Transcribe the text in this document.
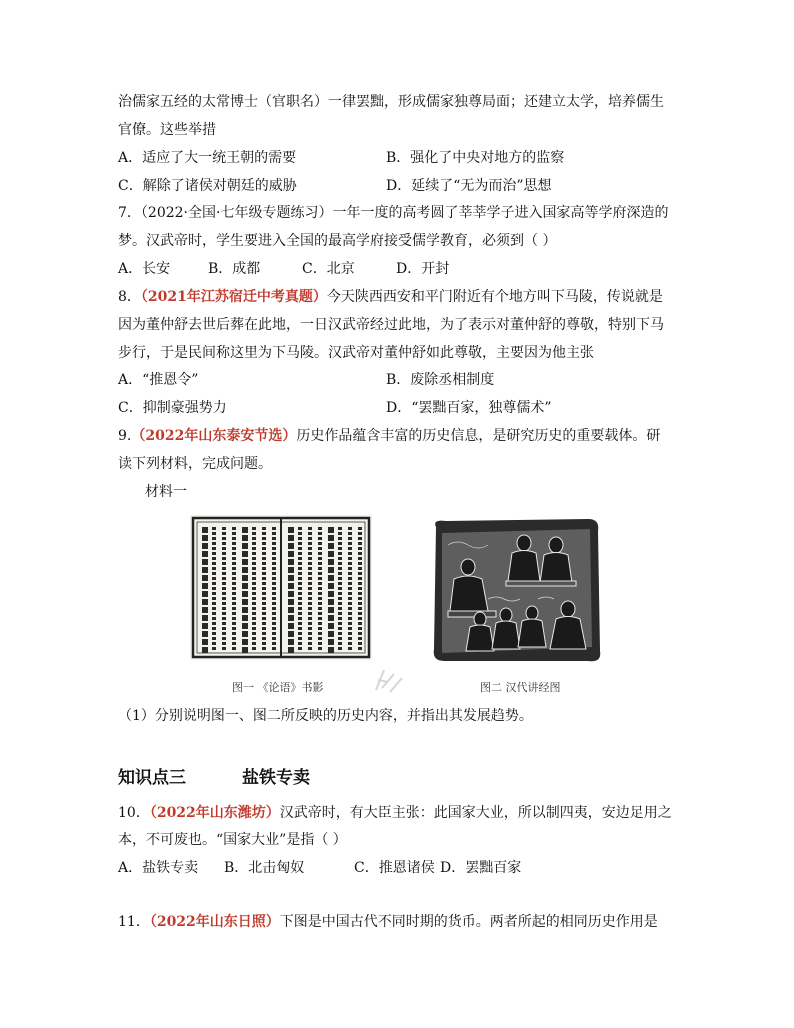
治儒家五经的太常博士（官职名）一律罢黜，形成儒家独尊局面；还建立太学，培养儒生
官僚。这些举措
A．适应了大一统王朝的需要	B．强化了中央对地方的监察
C．解除了诸侯对朝廷的威胁	D．延续了“无为而治”思想
7．（2022·全国·七年级专题练习）一年一度的高考圆了莘莘学子进入国家高等学府深造的
梦。汉武帝时，学生要进入全国的最高学府接受儒学教育，必须到（ ）
A．长安	B．成都	C．北京	D．开封
8．（2021年江苏宿迁中考真题）今天陕西西安和平门附近有个地方叫下马陵，传说就是
因为董仲舒去世后葬在此地，一日汉武帝经过此地，为了表示对董仲舒的尊敬，特别下马
步行，于是民间称这里为下马陵。汉武帝对董仲舒如此尊敬，主要因为他主张
A．“推恩令”	B．废除丞相制度
C．抑制豪强势力	D．“罢黜百家，独尊儒术”
9.（2022年山东泰安节选）历史作品蕴含丰富的历史信息，是研究历史的重要载体。研
读下列材料，完成问题。
材料一
图一 《论语》书影	图二 汉代讲经图
（1）分别说明图一、图二所反映的历史内容，并指出其发展趋势。
知识点三	盐铁专卖
10．（2022年山东潍坊）汉武帝时，有大臣主张：此国家大业，所以制四夷，安边足用之
本，不可废也。“国家大业”是指（ ）
A．盐铁专卖 B．北击匈奴	C．推恩诸侯 D．罢黜百家
11．（2022年山东日照）下图是中国古代不同时期的货币。两者所起的相同历史作用是
